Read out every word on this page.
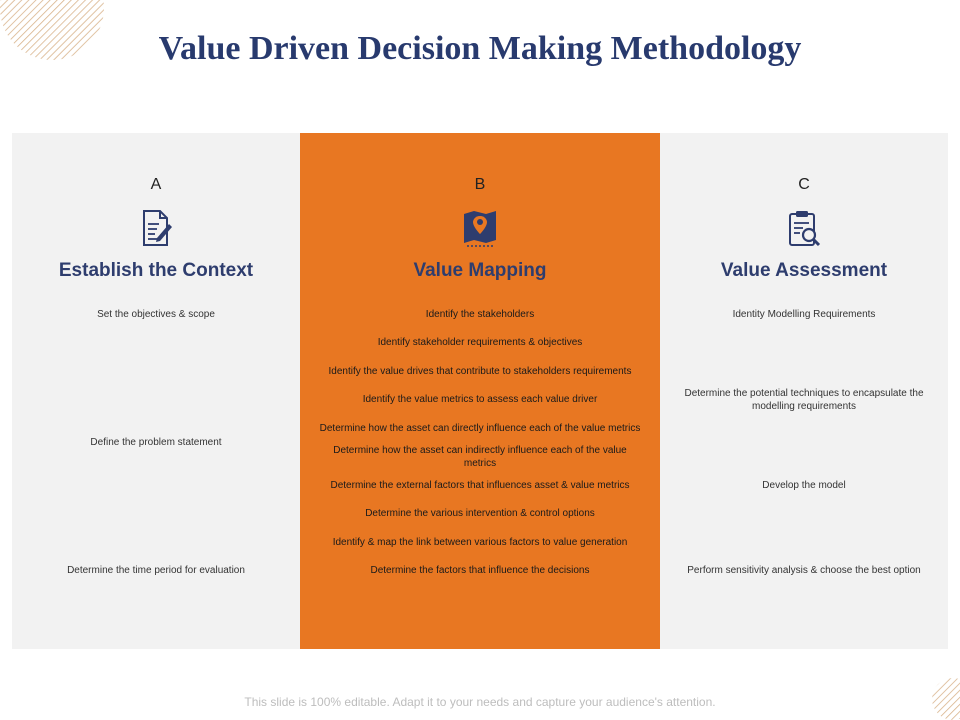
Value Driven Decision Making Methodology
A
Establish the Context
Set the objectives & scope
Define the problem statement
Determine the time period for evaluation
B
Value Mapping
Identify the stakeholders
Identify stakeholder requirements & objectives
Identify the value drives that contribute to stakeholders requirements
Identify the value metrics to assess each value driver
Determine how the asset can directly influence each of the value metrics
Determine how the asset can indirectly influence each of the value metrics
Determine the external factors that influences asset & value metrics
Determine the various intervention & control options
Identify & map the link between various factors to value generation
Determine the factors that influence the decisions
C
Value Assessment
Identity Modelling Requirements
Determine the potential techniques to encapsulate the modelling requirements
Develop the model
Perform sensitivity analysis & choose the best option
This slide is 100% editable. Adapt it to your needs and capture your audience's attention.
